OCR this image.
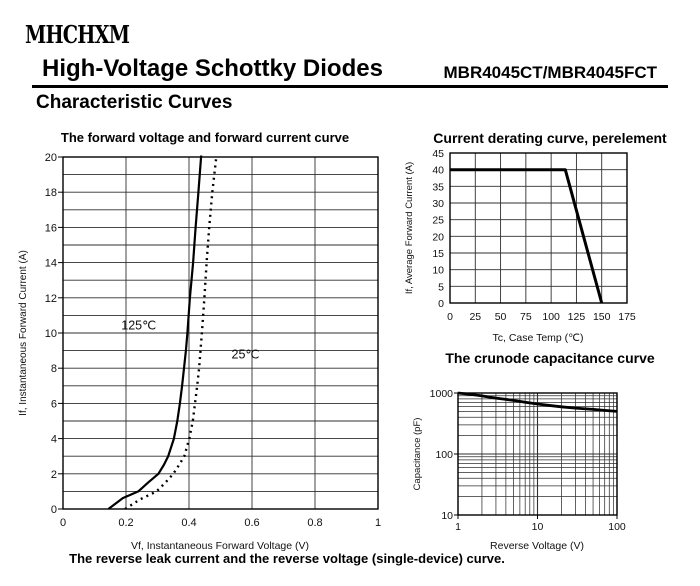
MHCHXM
High-Voltage Schottky Diodes	MBR4045CT/MBR4045FCT
Characteristic Curves
The forward voltage and forward current curve	Current derating curve, perelement
The crunode capacitance curve
125℃
25℃
0	0.2	0.4	0.6	0.8	1
0
2
4
6
8
10
12
14
16
18
20
Vf, Instantaneous Forward Voltage (V)
If, Instantaneous Forward Current (A)	0 25 50 75 100 125 150 175
0
5
10
15
20
25
30
35
40
45
Tc, Case Temp (℃)
If, Average Forward Current (A)
1	10	100
10
100
1000
Reverse Voltage (V)
Capacitance (pF)
The reverse leak current and the reverse voltage (single-device) curve.
